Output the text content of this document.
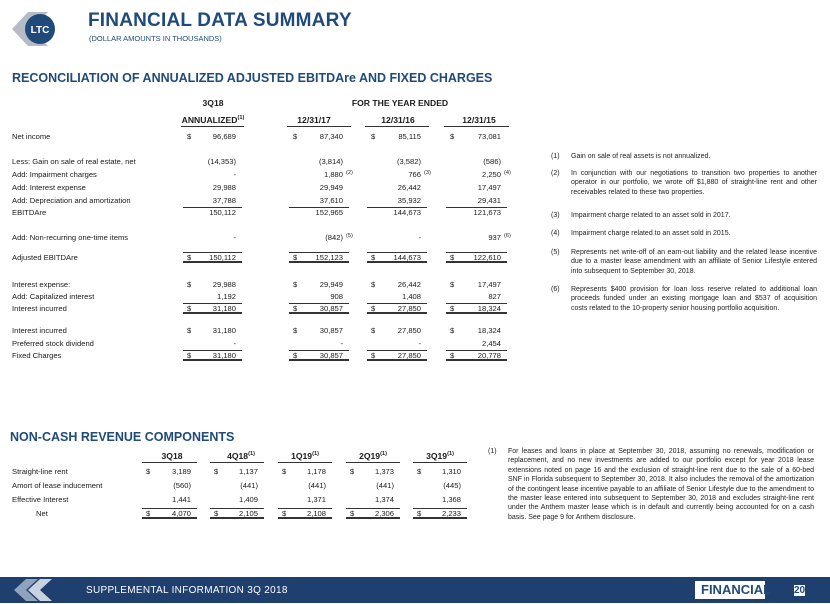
LTC FINANCIAL DATA SUMMARY
(DOLLAR AMOUNTS IN THOUSANDS)
RECONCILIATION OF ANNUALIZED ADJUSTED EBITDAre AND FIXED CHARGES
3Q18	FOR THE YEAR ENDED
ANNUALIZED$^{(1)}$	12/31/17	12/31/16	12/31/15
Net income	$	96,689	$	87,340	$	85,115	$	73,081
Less: Gain on sale of real estate, net	(14,353)	(3,814)	(3,582)	(586)
Add: Impairment charges	-	1,880 (2)	766 (3)	2,250 (4)
Add: Interest expense	29,988	29,949	26,442	17,497
Add: Depreciation and amortization	37,788	37,610	35,932	29,431
EBITDAre	150,112	152,965	144,673	121,673
Add: Non-recurring one-time items	-	(842) (5)	-	937 (6)
Adjusted EBITDAre	$	150,112	$	152,123	$	144,673	$	122,610
Interest expense:	$	29,988	$	29,949	$	26,442	$	17,497
Add: Capitalized interest	1,192	908	1,408	827
Interest incurred	$	31,180	$	30,857	$	27,850	$	18,324
Interest incurred	$	31,180	$	30,857	$	27,850	$	18,324
Preferred stock dividend	-	-	-	2,454
Fixed Charges	$	31,180	$	30,857	$	27,850	$	20,778
(1) Gain on sale of real assets is not annualized.
(2) In conjunction with our negotiations to transition two properties to another operator in our portfolio, we wrote off $1,880 of straight-line rent and other receivables related to these two properties.
(3) Impairment charge related to an asset sold in 2017.
(4) Impairment charge related to an asset sold in 2015.
(5) Represents net write-off of an earn-out liability and the related lease incentive due to a master lease amendment with an affiliate of Senior Lifestyle entered into subsequent to September 30, 2018.
(6) Represents $400 provision for loan loss reserve related to additional loan proceeds funded under an existing mortgage loan and $537 of acquisition costs related to the 10-property senior housing portfolio acquisition.
NON-CASH REVENUE COMPONENTS
3Q18	4Q18$^{(1)}$	1Q19$^{(1)}$	2Q19$^{(1)}$	3Q19$^{(1)}$
Straight-line rent	$	3,189	$	1,137	$	1,178	$	1,373	$	1,310
Amort of lease inducement	(560)	(441)	(441)	(441)	(445)
Effective Interest	1,441	1,409	1,371	1,374	1,368
Net	$	4,070	$	2,105	$	2,108	$	2,306	$	2,233
(1) For leases and loans in place at September 30, 2018, assuming no renewals, modification or replacement, and no new investments are added to our portfolio except for year 2018 lease extensions noted on page 16 and the exclusion of straight-line rent due to the sale of a 60-bed SNF in Florida subsequent to September 30, 2018. It also includes the removal of the amortization of the contingent lease incentive payable to an affiliate of Senior Lifestyle due to the amendment to the master lease entered into subsequent to September 30, 2018 and excludes straight-line rent under the Anthem master lease which is in default and currently being accounted for on a cash basis. See page 9 for Anthem disclosure.
SUPPLEMENTAL INFORMATION 3Q 2018	FINANCIAL 20
